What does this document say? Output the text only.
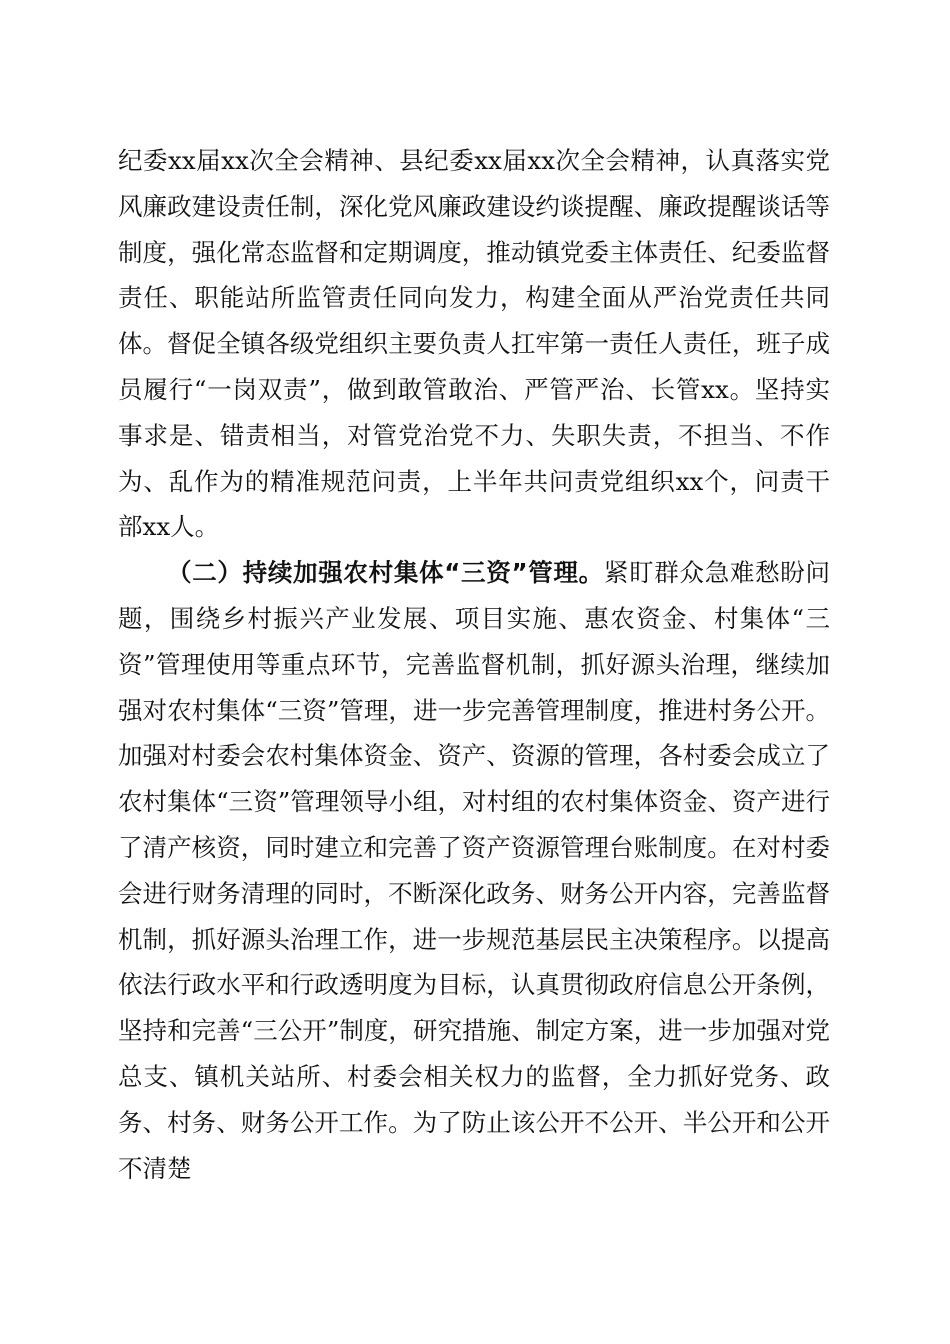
纪委xx届xx次全会精神、县纪委xx届xx次全会精神，认真落实党风廉政建设责任制，深化党风廉政建设约谈提醒、廉政提醒谈话等制度，强化常态监督和定期调度，推动镇党委主体责任、纪委监督责任、职能站所监管责任同向发力，构建全面从严治党责任共同体。督促全镇各级党组织主要负责人扛牢第一责任人责任，班子成员履行“一岗双责”，做到敢管敢治、严管严治、长管xx。坚持实事求是、错责相当，对管党治党不力、失职失责，不担当、不作为、乱作为的精准规范问责，上半年共问责党组织xx个，问责干部xx人。

（二）持续加强农村集体“三资”管理。紧盯群众急难愁盼问题，围绕乡村振兴产业发展、项目实施、惠农资金、村集体“三资”管理使用等重点环节，完善监督机制，抓好源头治理，继续加强对农村集体“三资”管理，进一步完善管理制度，推进村务公开。加强对村委会农村集体资金、资产、资源的管理，各村委会成立了农村集体“三资”管理领导小组，对村组的农村集体资金、资产进行了清产核资，同时建立和完善了资产资源管理台账制度。在对村委会进行财务清理的同时，不断深化政务、财务公开内容，完善监督机制，抓好源头治理工作，进一步规范基层民主决策程序。以提高依法行政水平和行政透明度为目标，认真贯彻政府信息公开条例，坚持和完善“三公开”制度，研究措施、制定方案，进一步加强对党总支、镇机关站所、村委会相关权力的监督，全力抓好党务、政务、村务、财务公开工作。为了防止该公开不公开、半公开和公开不清楚
